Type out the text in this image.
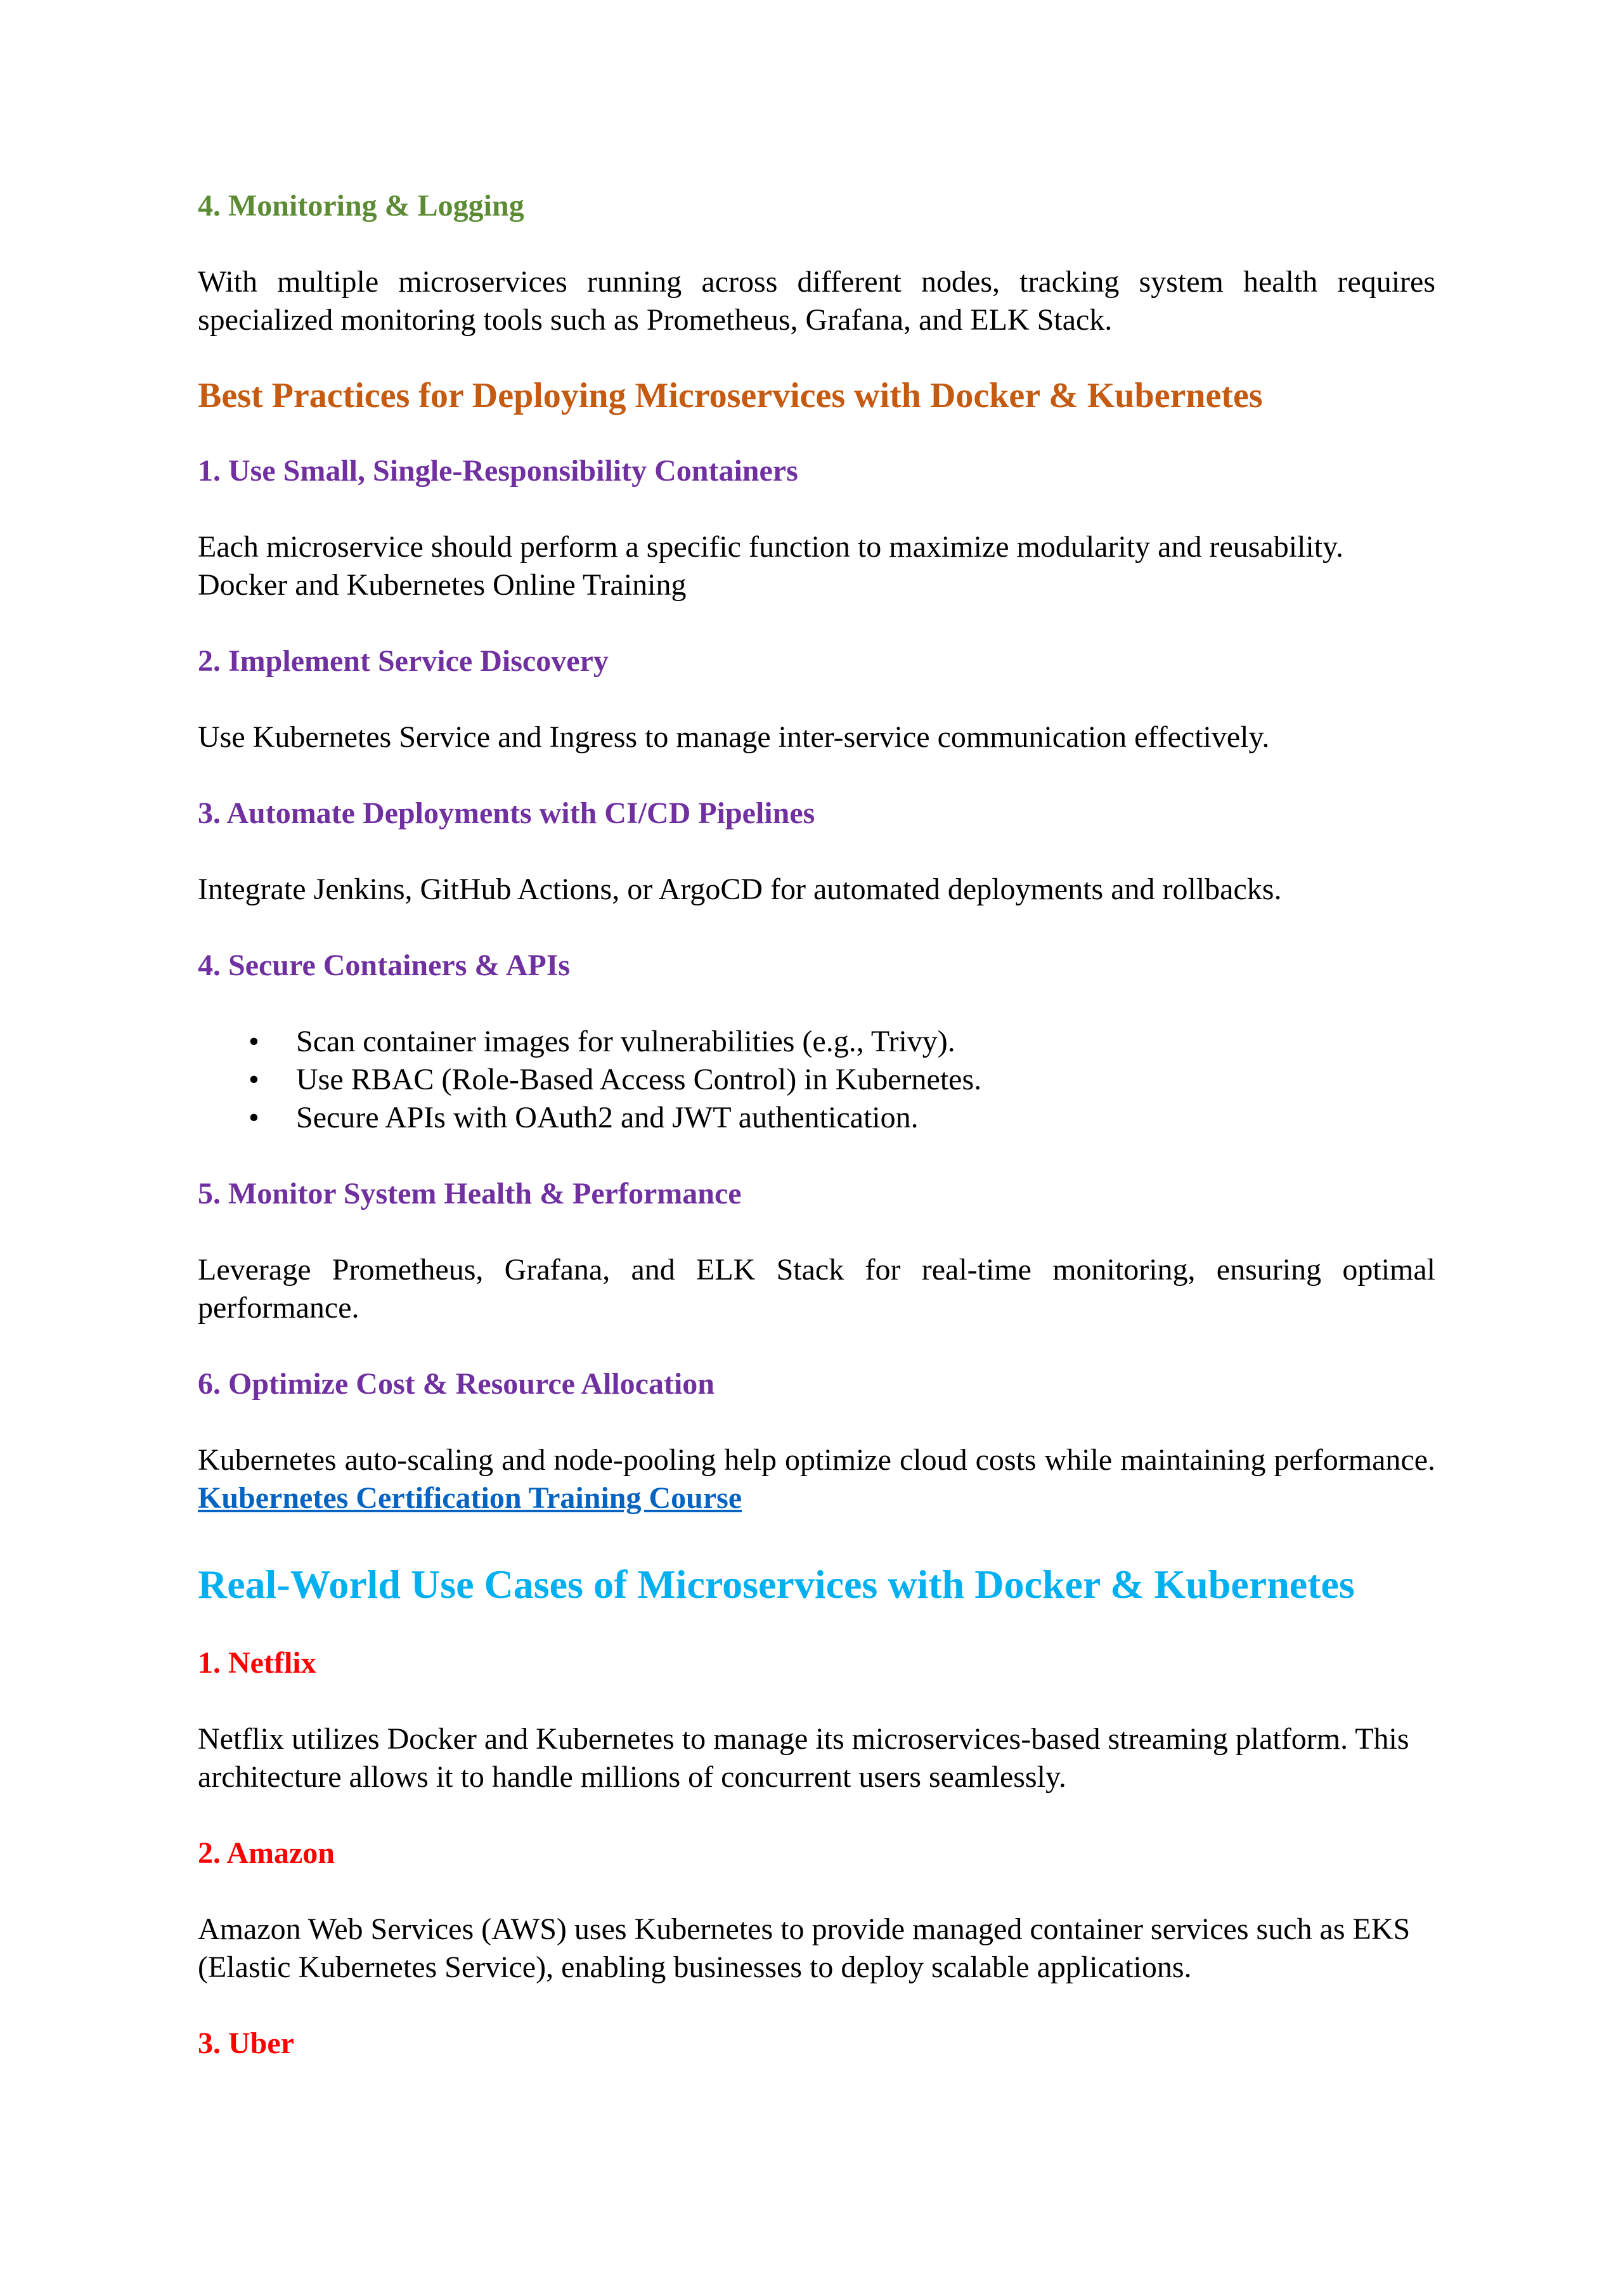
4. Monitoring & Logging

With multiple microservices running across different nodes, tracking system health requires specialized monitoring tools such as Prometheus, Grafana, and ELK Stack.

Best Practices for Deploying Microservices with Docker & Kubernetes
1. Use Small, Single-Responsibility Containers

Each microservice should perform a specific function to maximize modularity and reusability. Docker and Kubernetes Online Training

2. Implement Service Discovery

Use Kubernetes Service and Ingress to manage inter-service communication effectively.

3. Automate Deployments with CI/CD Pipelines

Integrate Jenkins, GitHub Actions, or ArgoCD for automated deployments and rollbacks.

4. Secure Containers & APIs
• Scan container images for vulnerabilities (e.g., Trivy).
• Use RBAC (Role-Based Access Control) in Kubernetes.
• Secure APIs with OAuth2 and JWT authentication.
5. Monitor System Health & Performance

Leverage Prometheus, Grafana, and ELK Stack for real-time monitoring, ensuring optimal performance.

6. Optimize Cost & Resource Allocation

Kubernetes auto-scaling and node-pooling help optimize cloud costs while maintaining performance. Kubernetes Certification Training Course

Real-World Use Cases of Microservices with Docker & Kubernetes
1. Netflix

Netflix utilizes Docker and Kubernetes to manage its microservices-based streaming platform. This architecture allows it to handle millions of concurrent users seamlessly.

2. Amazon

Amazon Web Services (AWS) uses Kubernetes to provide managed container services such as EKS (Elastic Kubernetes Service), enabling businesses to deploy scalable applications.

3. Uber
